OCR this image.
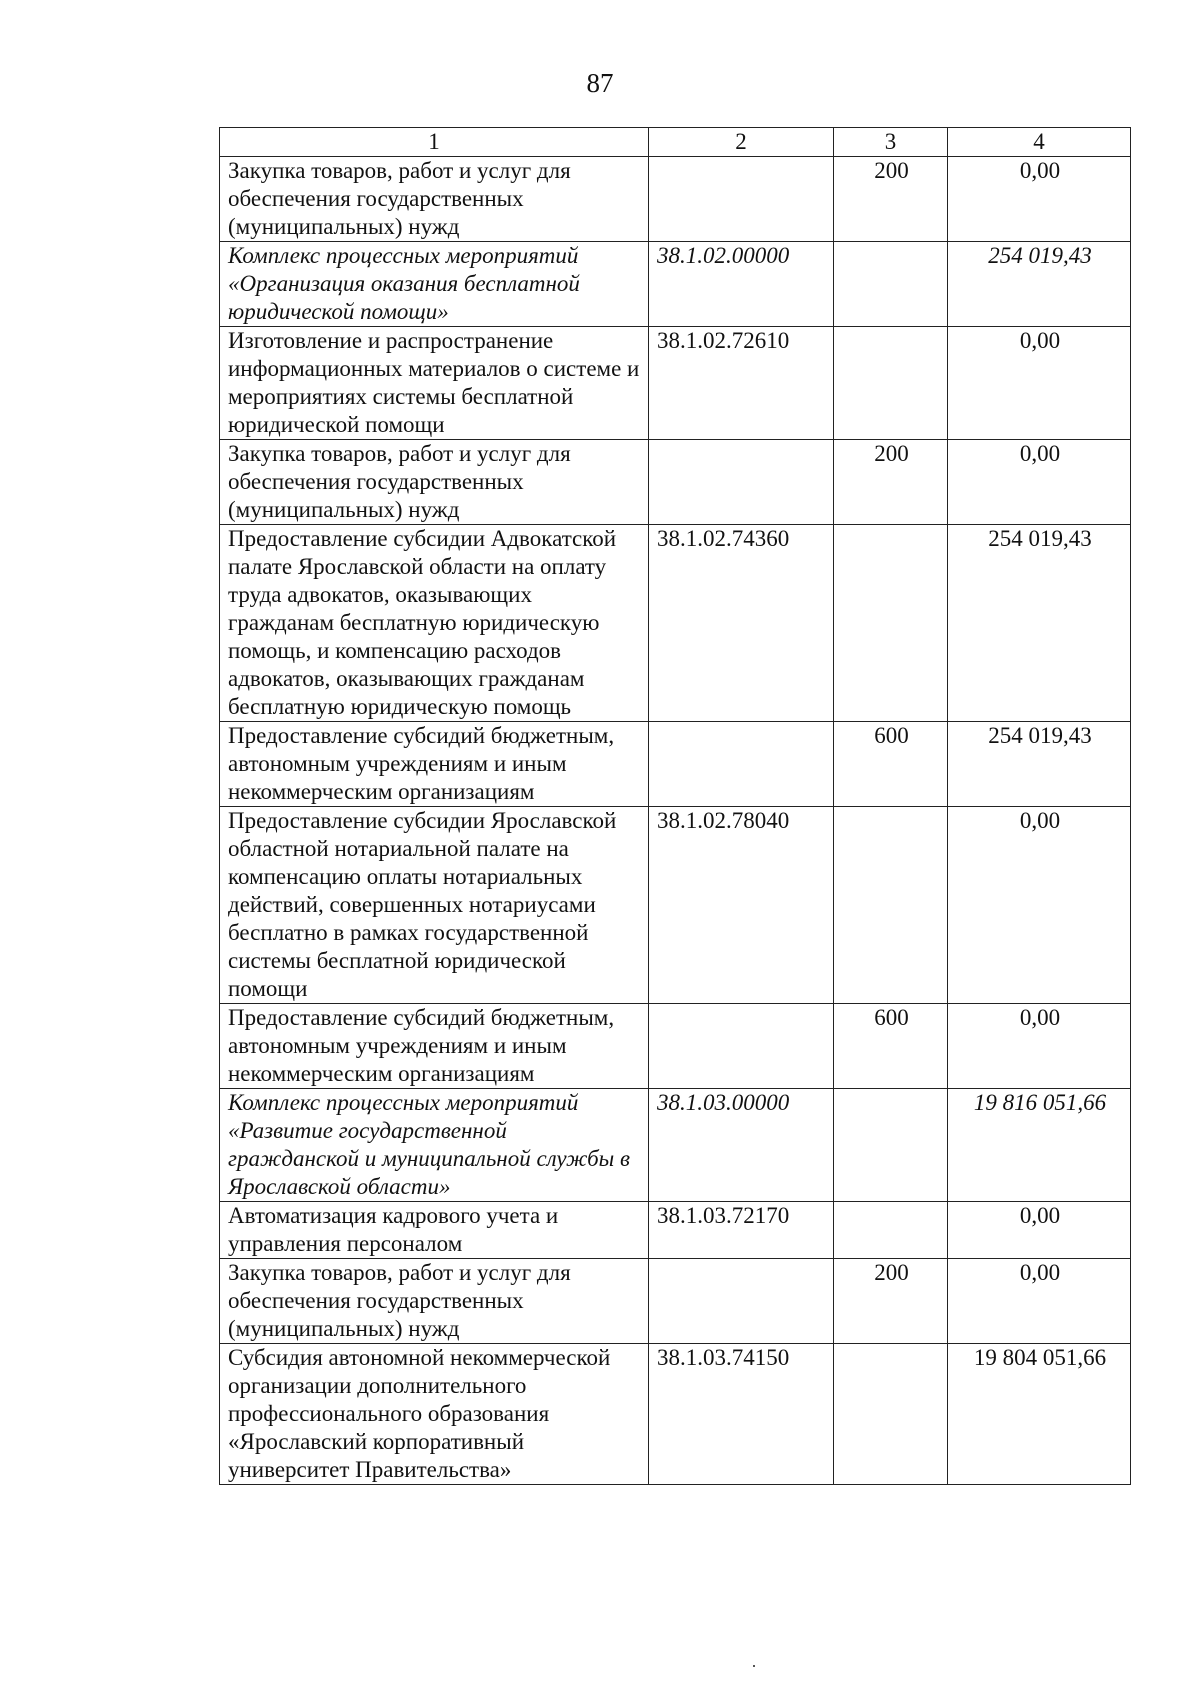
87
1	2	3	4
Закупка товаров, работ и услуг для обеспечения государственных (муниципальных) нужд		200	0,00
Комплекс процессных мероприятий «Организация оказания бесплатной юридической помощи»	38.1.02.00000		254 019,43
Изготовление и распространение информационных материалов о системе и мероприятиях системы бесплатной юридической помощи	38.1.02.72610		0,00
Закупка товаров, работ и услуг для обеспечения государственных (муниципальных) нужд		200	0,00
Предоставление субсидии Адвокатской палате Ярославской области на оплату труда адвокатов, оказывающих гражданам бесплатную юридическую помощь, и компенсацию расходов адвокатов, оказывающих гражданам бесплатную юридическую помощь	38.1.02.74360		254 019,43
Предоставление субсидий бюджетным, автономным учреждениям и иным некоммерческим организациям		600	254 019,43
Предоставление субсидии Ярославской областной нотариальной палате на компенсацию оплаты нотариальных действий, совершенных нотариусами бесплатно в рамках государственной системы бесплатной юридической помощи	38.1.02.78040		0,00
Предоставление субсидий бюджетным, автономным учреждениям и иным некоммерческим организациям		600	0,00
Комплекс процессных мероприятий «Развитие государственной гражданской и муниципальной службы в Ярославской области»	38.1.03.00000		19 816 051,66
Автоматизация кадрового учета и управления персоналом	38.1.03.72170		0,00
Закупка товаров, работ и услуг для обеспечения государственных (муниципальных) нужд		200	0,00
Субсидия автономной некоммерческой организации дополнительного профессионального образования «Ярославский корпоративный университет Правительства»	38.1.03.74150		19 804 051,66
